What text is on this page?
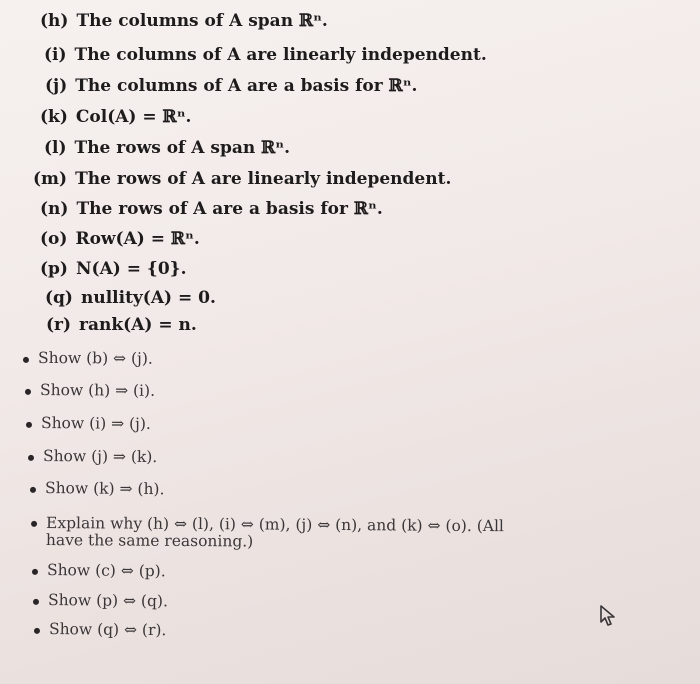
(h) The columns of A span ℝⁿ.
(i) The columns of A are linearly independent.
(j) The columns of A are a basis for ℝⁿ.
(k) Col(A) = ℝⁿ.
(l) The rows of A span ℝⁿ.
(m) The rows of A are linearly independent.
(n) The rows of A are a basis for ℝⁿ.
(o) Row(A) = ℝⁿ.
(p) N(A) = {0}.
(q) nullity(A) = 0.
(r) rank(A) = n.
Show (b) ⇔ (j).
Show (h) ⇒ (i).
Show (i) ⇒ (j).
Show (j) ⇒ (k).
Show (k) ⇒ (h).
Explain why (h) ⇔ (l), (i) ⇔ (m), (j) ⇔ (n), and (k) ⇔ (o). (All
have the same reasoning.)
Show (c) ⇔ (p).
Show (p) ⇔ (q).
Show (q) ⇔ (r).
